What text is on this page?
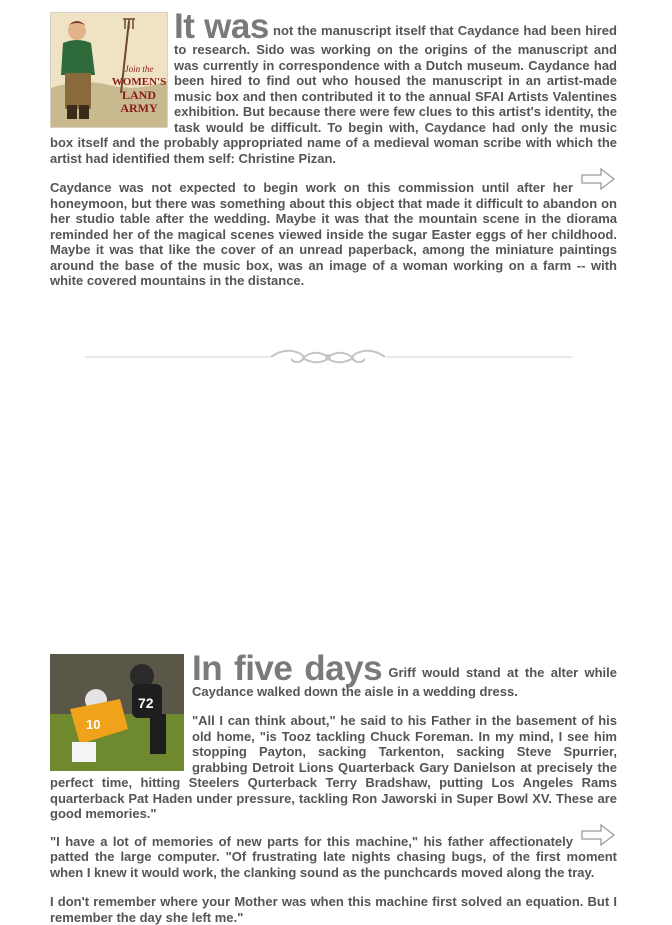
Join the
WOMEN'S
LAND
ARMY

It was not the manuscript itself that Caydance had been hired to research. Sido was working on the origins of the manuscript and was currently in correspondence with a Dutch museum. Caydance had been hired to find out who housed the manuscript in an artist-made music box and then contributed it to the annual SFAI Artists Valentines exhibition. But because there were few clues to this artist's identity, the task would be difficult. To begin with, Caydance had only the music box itself and the probably appropriated name of a medieval woman scribe with which the artist had identified them self: Christine Pizan.

Caydance was not expected to begin work on this commission until after her honeymoon, but there was something about this object that made it difficult to abandon on her studio table after the wedding. Maybe it was that the mountain scene in the diorama reminded her of the magical scenes viewed inside the sugar Easter eggs of her childhood. Maybe it was that like the cover of an unread paperback, among the miniature paintings around the base of the music box, was an image of a woman working on a farm -- with white covered mountains in the distance.

72
10

In five days Griff would stand at the alter while Caydance walked down the aisle in a wedding dress.

"All I can think about," he said to his Father in the basement of his old home, "is Tooz tackling Chuck Foreman. In my mind, I see him stopping Payton, sacking Tarkenton, sacking Steve Spurrier, grabbing Detroit Lions Quarterback Gary Danielson at precisely the perfect time, hitting Steelers Qurterback Terry Bradshaw, putting Los Angeles Rams quarterback Pat Haden under pressure, tackling Ron Jaworski in Super Bowl XV. These are good memories."

"I have a lot of memories of new parts for this machine," his father affectionately patted the large computer. "Of frustrating late nights chasing bugs, of the first moment when I knew it would work, the clanking sound as the punchcards moved along the tray.

I don't remember where your Mother was when this machine first solved an equation. But I remember the day she left me."
